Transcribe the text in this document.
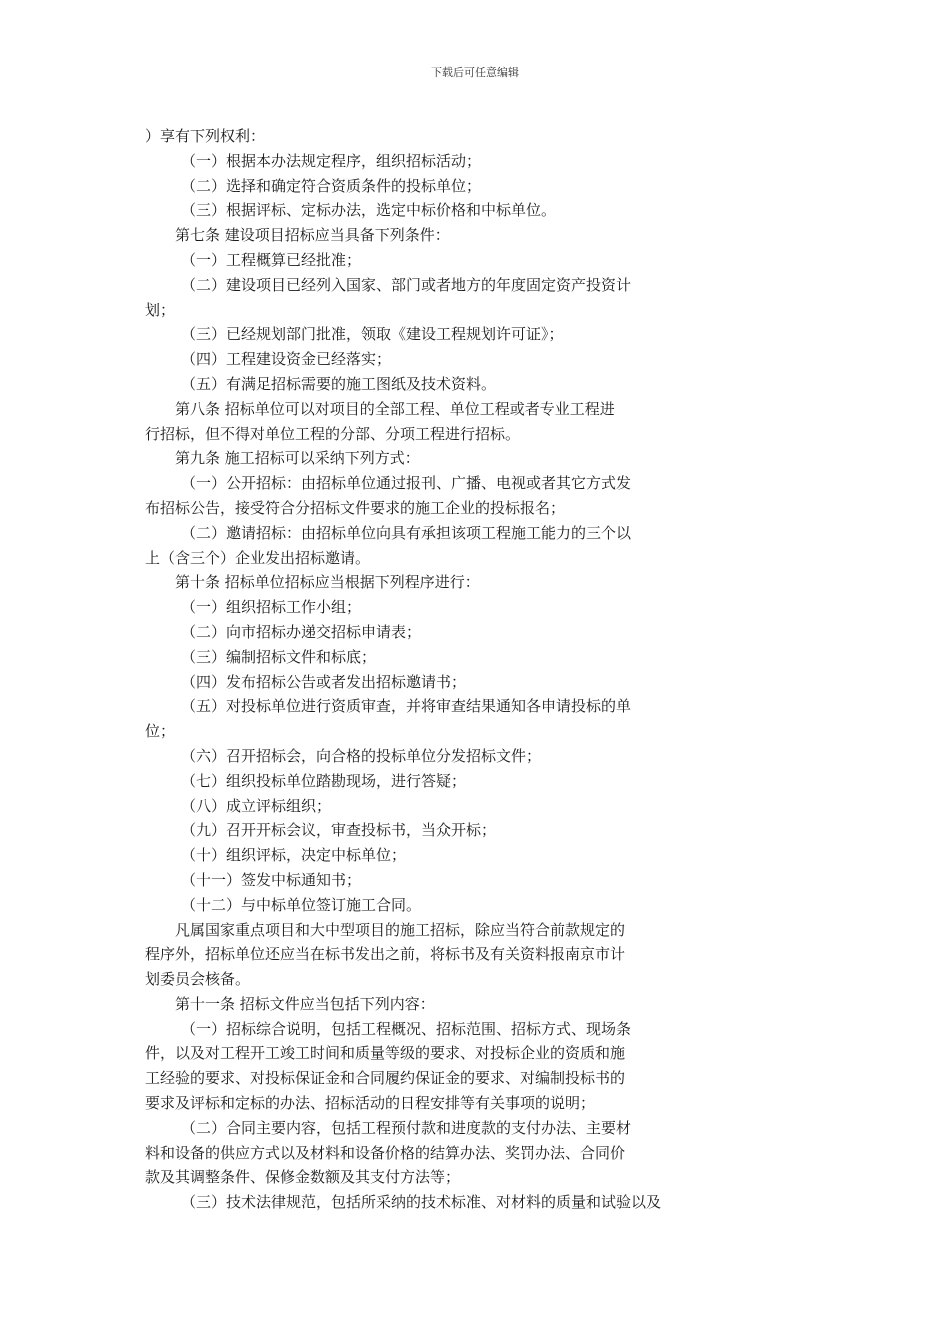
下载后可任意编辑
）享有下列权利：
（一）根据本办法规定程序，组织招标活动；
（二）选择和确定符合资质条件的投标单位；
（三）根据评标、定标办法，选定中标价格和中标单位。
第七条 建设项目招标应当具备下列条件：
（一）工程概算已经批准；
（二）建设项目已经列入国家、部门或者地方的年度固定资产投资计
划；
（三）已经规划部门批准，领取《建设工程规划许可证》；
（四）工程建设资金已经落实；
（五）有满足招标需要的施工图纸及技术资料。
第八条 招标单位可以对项目的全部工程、单位工程或者专业工程进
行招标，但不得对单位工程的分部、分项工程进行招标。
第九条 施工招标可以采纳下列方式：
（一）公开招标：由招标单位通过报刊、广播、电视或者其它方式发
布招标公告，接受符合分招标文件要求的施工企业的投标报名；
（二）邀请招标：由招标单位向具有承担该项工程施工能力的三个以
上（含三个）企业发出招标邀请。
第十条 招标单位招标应当根据下列程序进行：
（一）组织招标工作小组；
（二）向市招标办递交招标申请表；
（三）编制招标文件和标底；
（四）发布招标公告或者发出招标邀请书；
（五）对投标单位进行资质审查，并将审查结果通知各申请投标的单
位；
（六）召开招标会，向合格的投标单位分发招标文件；
（七）组织投标单位踏勘现场，进行答疑；
（八）成立评标组织；
（九）召开开标会议，审查投标书，当众开标；
（十）组织评标，决定中标单位；
（十一）签发中标通知书；
（十二）与中标单位签订施工合同。
凡属国家重点项目和大中型项目的施工招标，除应当符合前款规定的
程序外，招标单位还应当在标书发出之前，将标书及有关资料报南京市计
划委员会核备。
第十一条 招标文件应当包括下列内容：
（一）招标综合说明，包括工程概况、招标范围、招标方式、现场条
件，以及对工程开工竣工时间和质量等级的要求、对投标企业的资质和施
工经验的要求、对投标保证金和合同履约保证金的要求、对编制投标书的
要求及评标和定标的办法、招标活动的日程安排等有关事项的说明；
（二）合同主要内容，包括工程预付款和进度款的支付办法、主要材
料和设备的供应方式以及材料和设备价格的结算办法、奖罚办法、合同价
款及其调整条件、保修金数额及其支付方法等；
（三）技术法律规范，包括所采纳的技术标准、对材料的质量和试验以及
